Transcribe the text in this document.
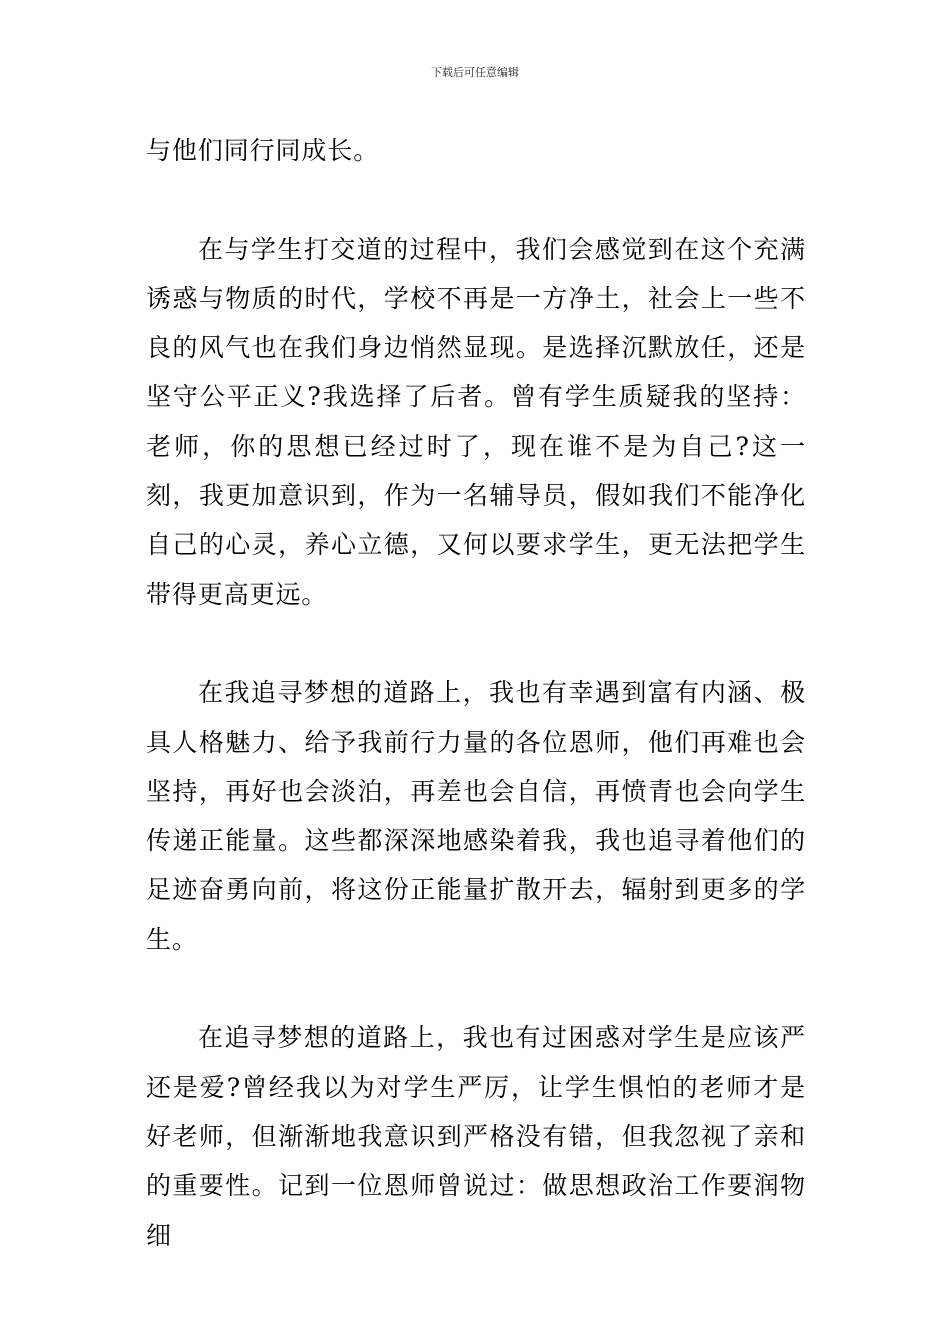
下载后可任意编辑

与他们同行同成长。

在与学生打交道的过程中，我们会感觉到在这个充满诱惑与物质的时代，学校不再是一方净土，社会上一些不良的风气也在我们身边悄然显现。是选择沉默放任，还是坚守公平正义?我选择了后者。曾有学生质疑我的坚持：老师，你的思想已经过时了，现在谁不是为自己?这一刻，我更加意识到，作为一名辅导员，假如我们不能净化自己的心灵，养心立德，又何以要求学生，更无法把学生带得更高更远。

在我追寻梦想的道路上，我也有幸遇到富有内涵、极具人格魅力、给予我前行力量的各位恩师，他们再难也会坚持，再好也会淡泊，再差也会自信，再愤青也会向学生传递正能量。这些都深深地感染着我，我也追寻着他们的足迹奋勇向前，将这份正能量扩散开去，辐射到更多的学生。

在追寻梦想的道路上，我也有过困惑对学生是应该严还是爱?曾经我以为对学生严厉，让学生惧怕的老师才是好老师，但渐渐地我意识到严格没有错，但我忽视了亲和的重要性。记到一位恩师曾说过：做思想政治工作要润物细
